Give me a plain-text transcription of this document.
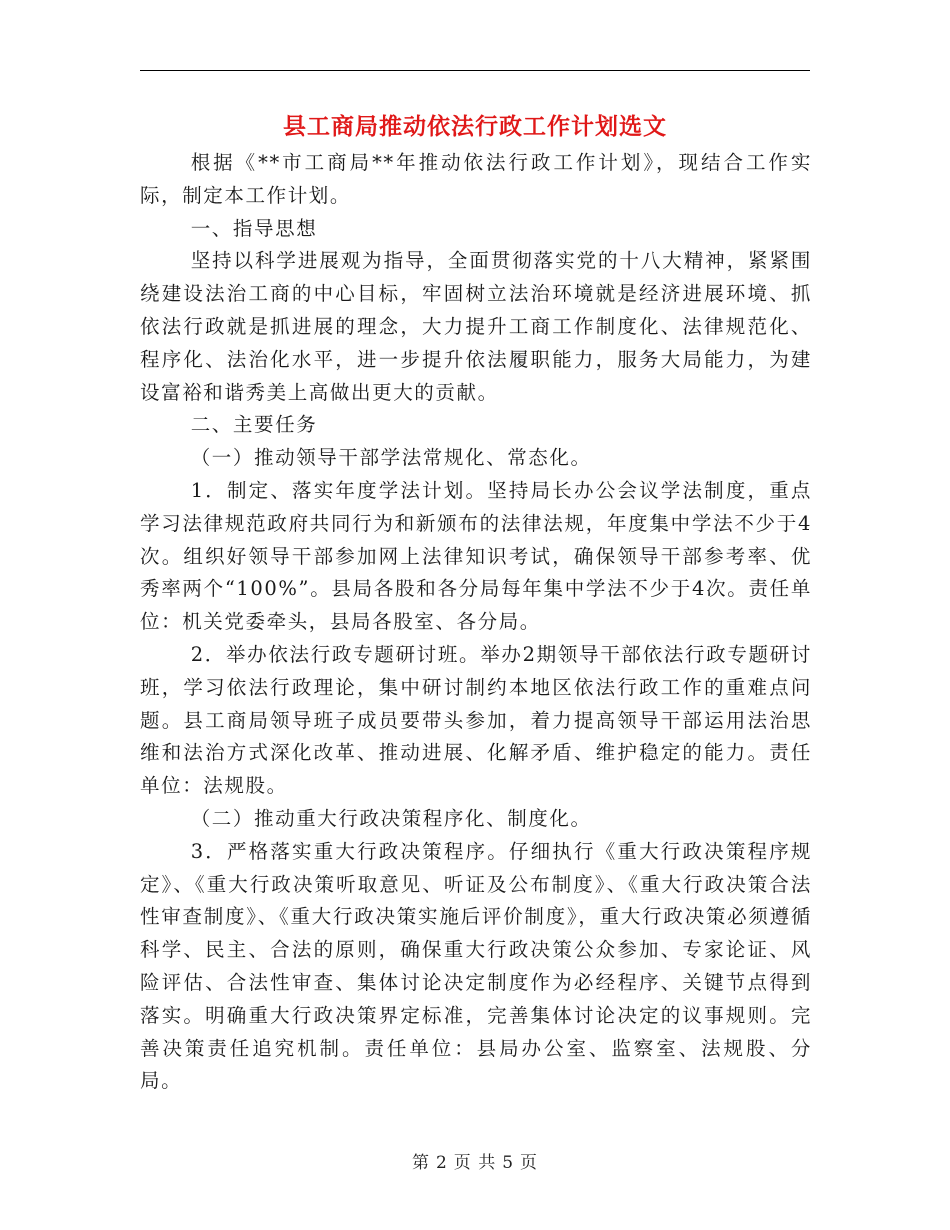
县工商局推动依法行政工作计划选文

根据《**市工商局**年推动依法行政工作计划》，现结合工作实际，制定本工作计划。

一、指导思想

坚持以科学进展观为指导，全面贯彻落实党的十八大精神，紧紧围绕建设法治工商的中心目标，牢固树立法治环境就是经济进展环境、抓依法行政就是抓进展的理念，大力提升工商工作制度化、法律规范化、程序化、法治化水平，进一步提升依法履职能力，服务大局能力，为建设富裕和谐秀美上高做出更大的贡献。

二、主要任务

（一）推动领导干部学法常规化、常态化。

1．制定、落实年度学法计划。坚持局长办公会议学法制度，重点学习法律规范政府共同行为和新颁布的法律法规，年度集中学法不少于4次。组织好领导干部参加网上法律知识考试，确保领导干部参考率、优秀率两个“100%”。县局各股和各分局每年集中学法不少于4次。责任单位：机关党委牵头，县局各股室、各分局。

2．举办依法行政专题研讨班。举办2期领导干部依法行政专题研讨班，学习依法行政理论，集中研讨制约本地区依法行政工作的重难点问题。县工商局领导班子成员要带头参加，着力提高领导干部运用法治思维和法治方式深化改革、推动进展、化解矛盾、维护稳定的能力。责任单位：法规股。

（二）推动重大行政决策程序化、制度化。

3．严格落实重大行政决策程序。仔细执行《重大行政决策程序规定》、《重大行政决策听取意见、听证及公布制度》、《重大行政决策合法性审查制度》、《重大行政决策实施后评价制度》，重大行政决策必须遵循科学、民主、合法的原则，确保重大行政决策公众参加、专家论证、风险评估、合法性审查、集体讨论决定制度作为必经程序、关键节点得到落实。明确重大行政决策界定标准，完善集体讨论决定的议事规则。完善决策责任追究机制。责任单位：县局办公室、监察室、法规股、分局。

第 2 页 共 5 页
